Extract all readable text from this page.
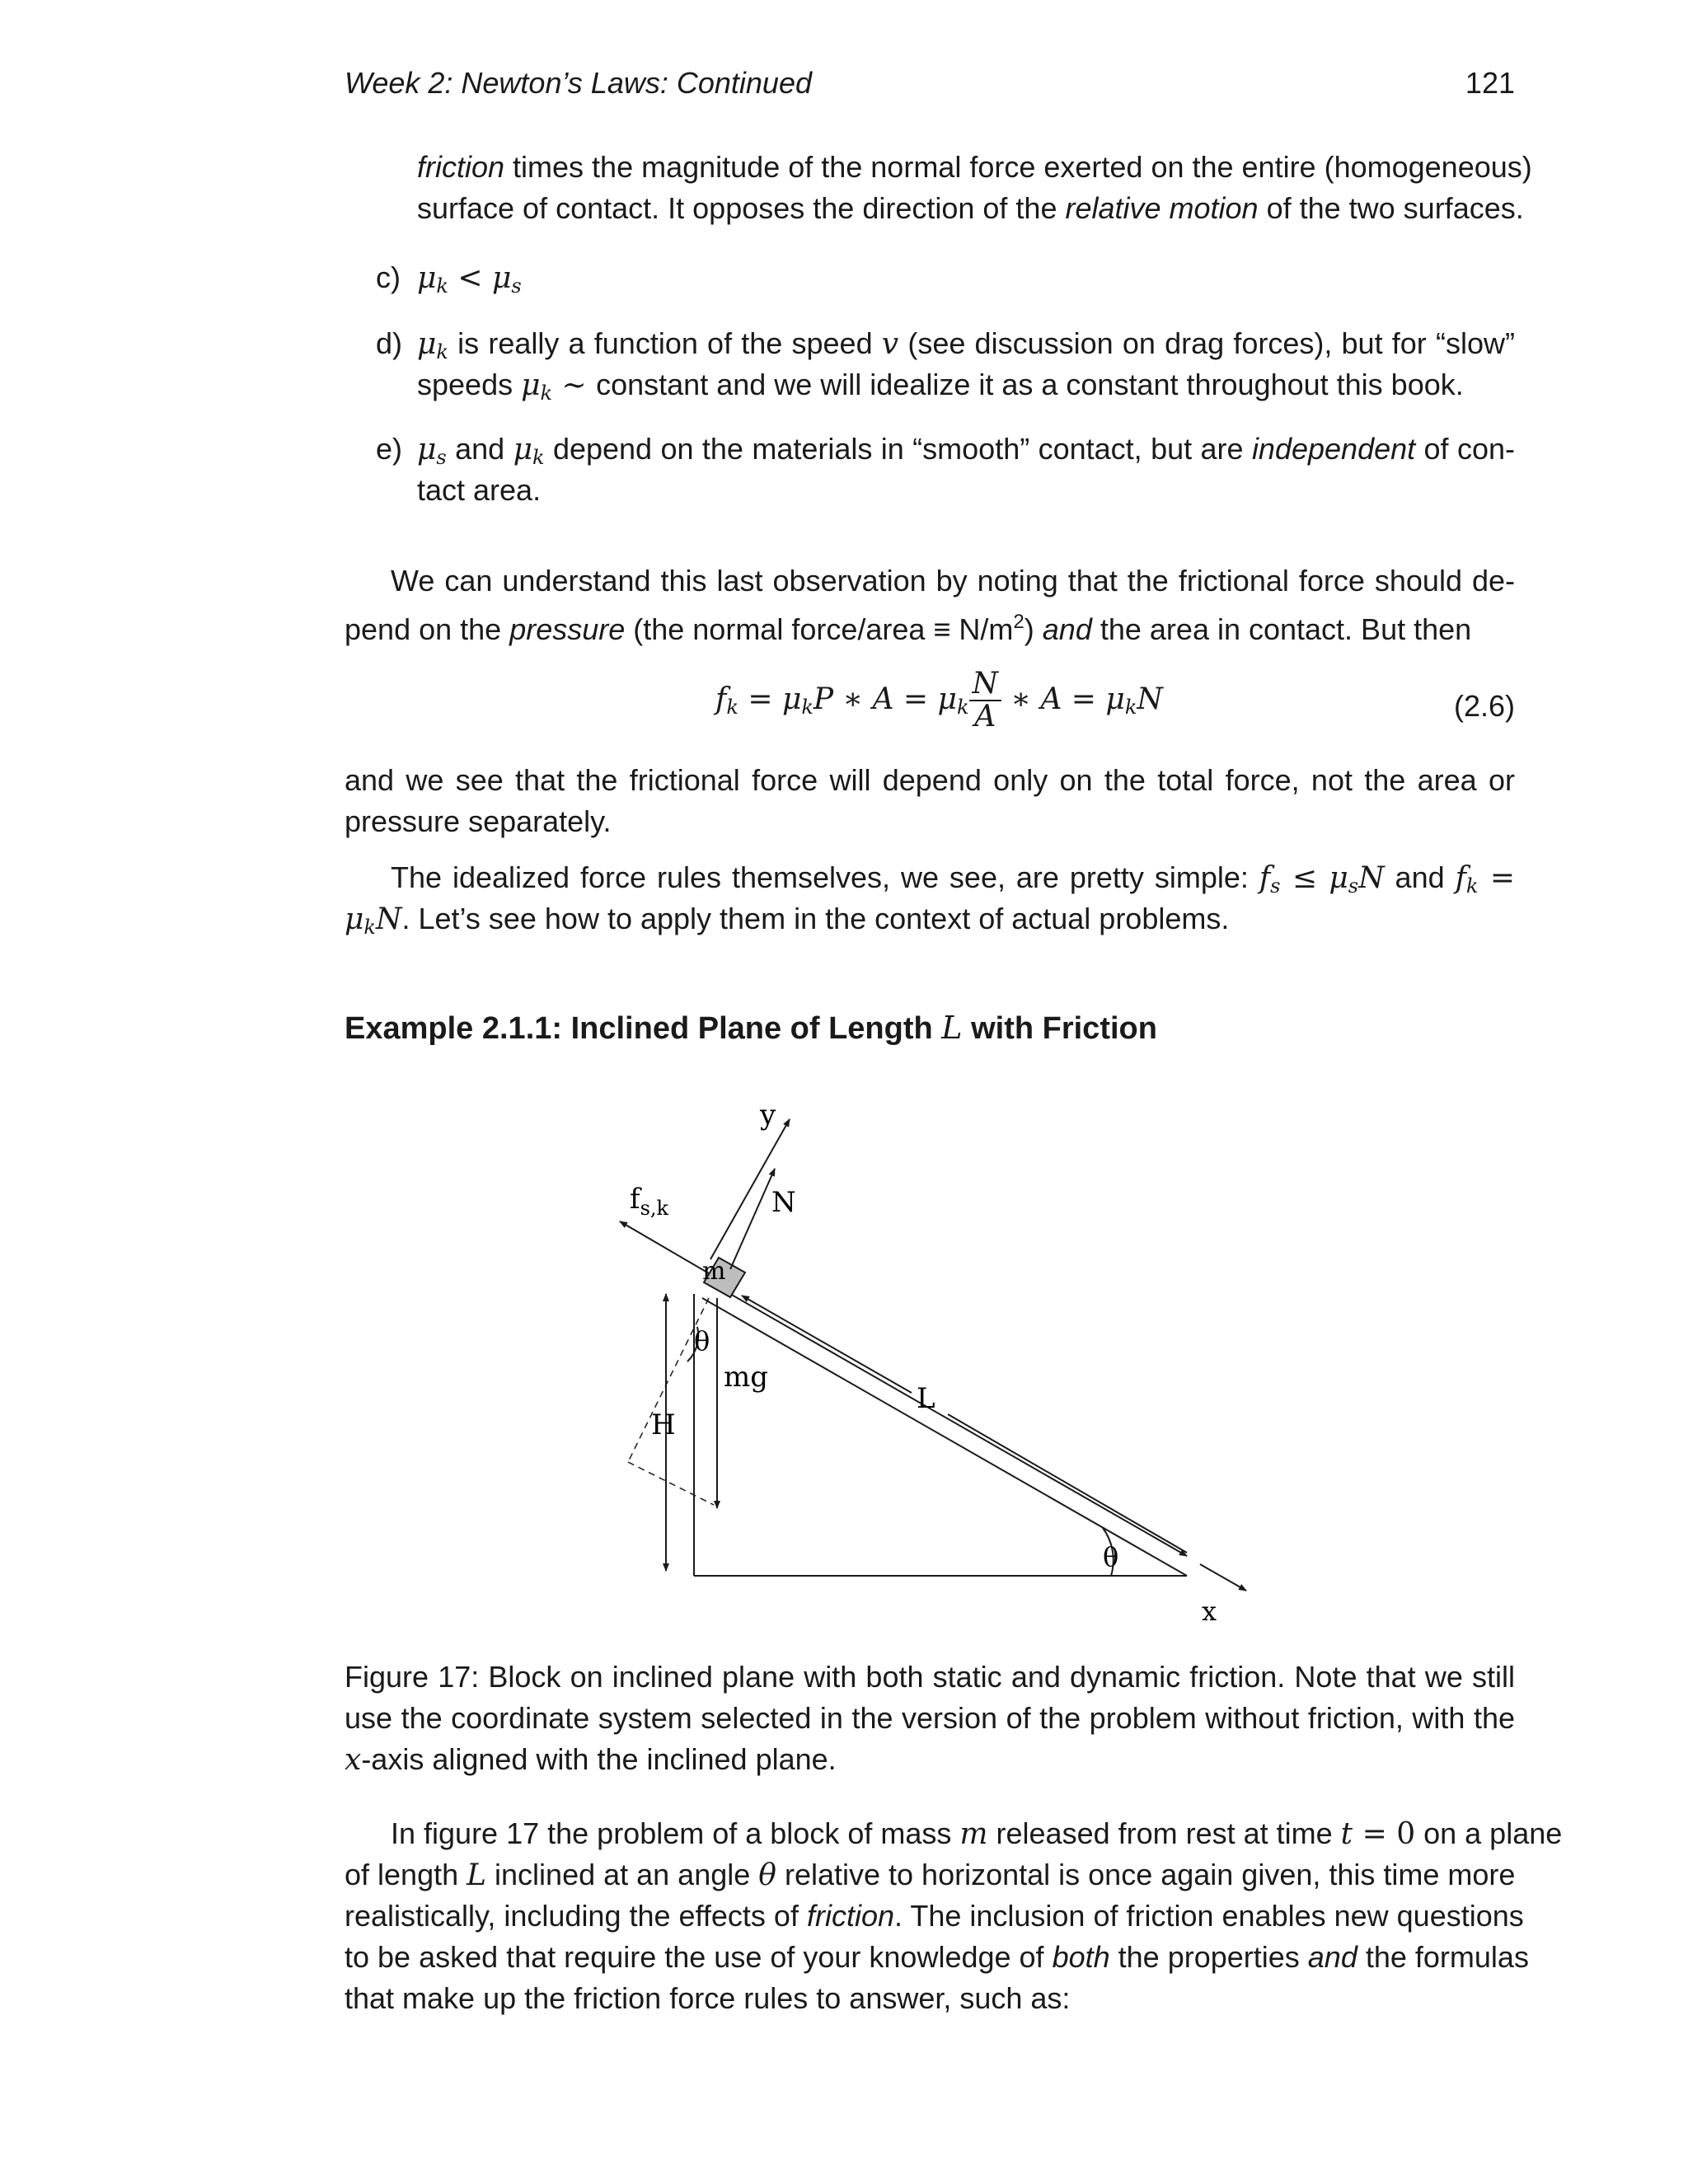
Week 2: Newton’s Laws: Continued	121
friction times the magnitude of the normal force exerted on the entire (homogeneous)
surface of contact. It opposes the direction of the relative motion of the two surfaces.
c) $\mu_k < \mu_s$
d) $\mu_k$ is really a function of the speed v (see discussion on drag forces), but for “slow”
speeds $\mu_k$ ∼ constant and we will idealize it as a constant throughout this book.
e) $\mu_s$ and $\mu_k$ depend on the materials in “smooth” contact, but are independent of con-
tact area.
We can understand this last observation by noting that the frictional force should de-
pend on the pressure (the normal force/area ≡ $N/m^2$) and the area in contact. But then
$f_k = \mu_kP$ ∗ $A = \mu_k \frac{N}{A}$ ∗ $A = \mu_kN$	(2.6)
and we see that the frictional force will depend only on the total force, not the area or
pressure separately.
The idealized force rules themselves, we see, are pretty simple: $f_s \le \mu_sN$ and $f_k$ =
$\mu_kN$. Let’s see how to apply them in the context of actual problems.
Example 2.1.1: Inclined Plane of Length L with Friction
y
N
$f_{s,k}$
m
θ
mg
L
H
θ
x
Figure 17: Block on inclined plane with both static and dynamic friction. Note that we still
use the coordinate system selected in the version of the problem without friction, with the
x-axis aligned with the inclined plane.
In figure 17 the problem of a block of mass m released from rest at time t = 0 on a plane
of length L inclined at an angle θ relative to horizontal is once again given, this time more
realistically, including the effects of friction. The inclusion of friction enables new questions
to be asked that require the use of your knowledge of both the properties and the formulas
that make up the friction force rules to answer, such as:
